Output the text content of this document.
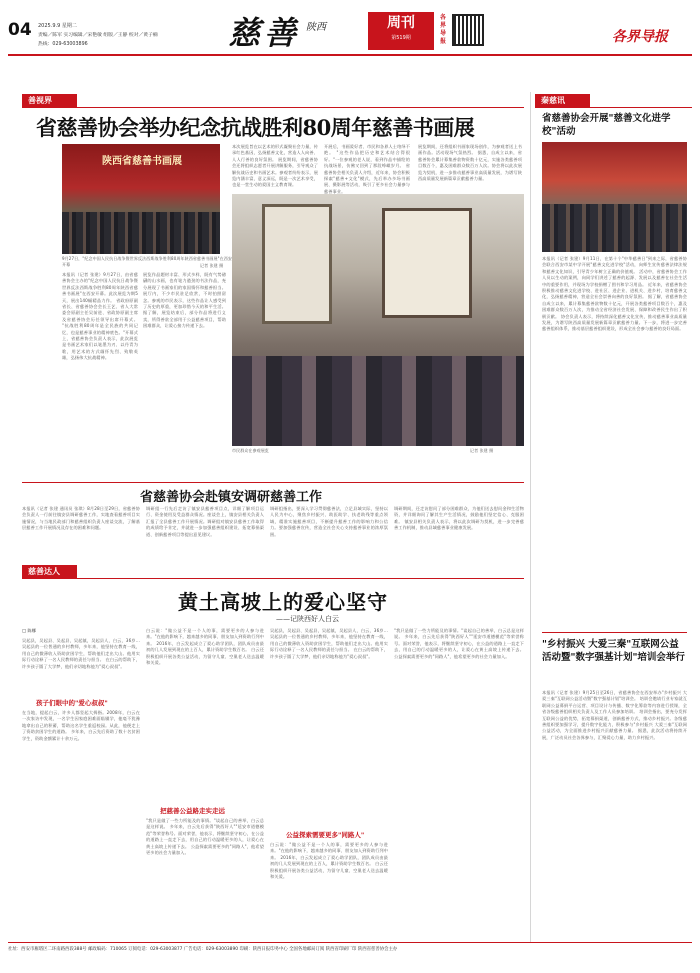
04 2025.9.9 星期二
责编／陈军 实习编辑／宋艳敏 组版／王静 校对／黄子楠
热线：029-63003896	慈善 陕西	周刊
第519期
各界导报	各界导报
善视界
省慈善协会举办纪念抗战胜利80周年慈善书画展
陕西省慈善书画展
9月27日，"纪念中国人民抗日战争暨世界反法西斯战争胜利80周年陕西省慈善书画展"在西安开幕	记者 张建 摄
本报讯（记者 张建）9月27日，由省慈善协会主办的"纪念中国人民抗日战争暨世界反法西斯战争胜利80周年陕西省慈善书画展"在西安开幕。此次展览为期5天，展出140幅精品力作。 省政府原副省长、省慈善协会会长王艺、省人大常委会原副主任吴前进、省政协原副主席及省慈善协会历任领导出席开幕式。 "抗战胜利80周年是全民族的共同记忆，也是慈善事业的精神底色。"开幕式上，省慈善协会负责人表示，此次展览是书画艺术家们以笔墨为刃、以丹青为歌，用艺术的方式缅怀先烈、致敬英雄，弘扬伟大抗战精神。
展览作品题材丰富、形式多样，既有气势磅礴的山水画，也有笔力遒劲的书法作品，充分展现了书画家们的家国情怀和慈善担当。展厅内，不少市民驻足欣赏，不时拍照留念。参观的市民表示，这些作品让人感受到了历史的厚重，更加珍惜今天的和平生活。 据了解，展览结束后，部分作品将进行义卖，所得善款全部用于公益慈善项目，帮助困难群众，让爱心接力传递下去。
本次展览旨在以艺术的形式凝聚社会力量，传承红色基因，弘扬慈善文化，营造人人向善、人人行善的良好氛围。 展览期间，省慈善协会还将组织志愿者开展讲解服务，引导观众了解抗战历史和书画艺术。参观者纷纷表示，展览内涵丰富，意义深远，既是一次艺术享受，也是一堂生动的爱国主义教育课。
开展后，书画爱好者、市民和各界人士络绎不绝。 "这些作品把历史和艺术结合得很好。"一位参观的老人说，看到作品中描绘的抗战场景，仿佛又回到了那段峥嵘岁月。 省慈善协会相关负责人介绍，近年来，协会积极探索"慈善+文化"模式，先后举办多场书画展、摄影展等活动，吸引了更多社会力量参与慈善事业。
展览期间，还将组织书画家现场创作，为参观者送上书画作品。活动现场气氛热烈。 据悉，自成立以来，省慈善协会累计募集善款物资数十亿元，实施各类慈善项目数百个，惠及困难群众数百万人次。协会将以此次展览为契机，进一步推动慈善事业高质量发展，为谱写陕西高质量发展新篇章贡献慈善力量。
市民群众在参观展览	记者 张建 摄
省慈善协会赴镇安调研慈善工作
本报讯（记者 张建 通讯员 张琪）8月28日至29日，省慈善协会负责人一行前往镇安县调研慈善工作，实地查看慈善项目实施情况，与当地民政部门和慈善组织负责人座谈交流，了解基层慈善工作开展情况及存在的困难和问题。
调研组一行先后走访了镇安县慈善项目点，详细了解项目运行、资金使用及受益群众情况。座谈会上，镇安县相关负责人汇报了全县慈善工作开展情况。调研组对镇安县慈善工作取得的成绩给予肯定，并就进一步加强慈善组织建设、拓宽募捐渠道、创新慈善项目等提出意见建议。
调研组指出，要深入学习贯彻慈善法，立足县域实际，坚持以人民为中心，聚焦乡村振兴、助医助学、扶老助残等重点领域，精准实施慈善项目，不断提升慈善工作的影响力和公信力。要加强慈善宣传，营造全社会关心支持慈善事业的浓厚氛围。
调研期间，还走访慰问了部分困难群众，为他们送去慰问金和生活物资，并详细询问了解其生产生活情况，鼓励他们坚定信心、克服困难。 镇安县相关负责人表示，将以此次调研为契机，进一步完善慈善工作机制，推动县域慈善事业健康发展。
慈善达人
黄土高坡上的爱心坚守
——记陕西好人白云
□ 陈娜
吴起县，吴起县、吴起县，吴起镇，吴起县人，白云，36岁…吴起县的一位普通的乡村教师，多年来，他坚持在教育一线，用自己的微薄收入资助贫困学生，帮助他们走出大山。他用实际行动诠释了一名人民教师的责任与担当。 在白云的帮助下，许多孩子圆了大学梦，他们亲切地称他为"爱心叔叔"。
孩子们眼中的"爱心叔叔"
在当地，提起白云，许多人都竖起大拇指。2008年，白云在一次家访中发现，一名学生因家庭困难面临辍学，他毫不犹豫地拿出自己的积蓄，帮助这名学生重返校园。从此，他便走上了资助贫困学生的道路。 多年来，白云先后资助了数十名贫困学生，资助金额累计十余万元。
白云说："做公益不是一个人的事，需要更多的人参与进来。"在他的影响下，越来越多的同事、朋友加入到资助行列中来。 2016年，白云发起成立了爱心助学团队，团队成员由最初的几人发展到现在的上百人，累计资助学生数百名。 白云还积极组织开展各类公益活动，为留守儿童、空巢老人送去温暖和关爱。
把慈善公益路走实走远
"我只是做了一些力所能及的事情。"谈起自己的善举，白云总是这样说。 多年来，白云先后获得"陕西好人""延安市道德模范"等荣誉称号。面对荣誉，他表示，将继续坚守初心，在公益的道路上一直走下去，用自己的行动温暖更多的人，让爱心在黄土高坡上传递下去。 公益探索需要更多的"同路人"，他希望更多的社会力量加入。
吴起县，吴起县、吴起县，吴起镇，吴起县人，白云，36岁…吴起县的一位普通的乡村教师，多年来，他坚持在教育一线，用自己的微薄收入资助贫困学生，帮助他们走出大山。他用实际行动诠释了一名人民教师的责任与担当。 在白云的帮助下，许多孩子圆了大学梦，他们亲切地称他为"爱心叔叔"。
公益探索需要更多"同路人"
白云说："做公益不是一个人的事，需要更多的人参与进来。"在他的影响下，越来越多的同事、朋友加入到资助行列中来。 2016年，白云发起成立了爱心助学团队，团队成员由最初的几人发展到现在的上百人，累计资助学生数百名。 白云还积极组织开展各类公益活动，为留守儿童、空巢老人送去温暖和关爱。
"我只是做了一些力所能及的事情。"谈起自己的善举，白云总是这样说。 多年来，白云先后获得"陕西好人""延安市道德模范"等荣誉称号。面对荣誉，他表示，将继续坚守初心，在公益的道路上一直走下去，用自己的行动温暖更多的人，让爱心在黄土高坡上传递下去。 公益探索需要更多的"同路人"，他希望更多的社会力量加入。
秦慈讯
省慈善协会开展"慈善文化进学校"活动
本报讯（记者 张建）9月11日，在第十个"中华慈善日"到来之际，省慈善协会联合西安市某中学开展"慈善文化进学校"活动，向师生宣传慈善法律法规和慈善文化知识，引导青少年树立正确的价值观。 活动中，省慈善协会工作人员以生动的案例，向同学们讲述了慈善的起源、发展以及慈善在社会生活中的重要作用，并现场为学校捐赠了图书和学习用品。 近年来，省慈善协会积极推动慈善文化进学校、进社区、进企业、进机关、进乡村，培育慈善文化，弘扬慈善精神，营造全社会崇善向善的良好氛围。 据了解，省慈善协会自成立以来，累计募集慈善款物数十亿元，开展各类慈善项目数百个，惠及困难群众数百万人次，为推动全省经济社会发展、保障和改善民生作出了积极贡献。 协会负责人表示，将持续深化慈善文化宣传，推动慈善事业高质量发展，为谱写陕西高质量发展新篇章贡献慈善力量。下一步，将进一步完善慈善组织体系，推动基层慈善组织建设，形成全社会参与慈善的良好局面。
"乡村振兴 大爱三秦"互联网公益活动暨"数字强基计划"培训会举行
本报讯（记者 张建）9月25日至26日，省慈善协会在西安举办"乡村振兴 大爱三秦"互联网公益活动暨"数字强基计划"培训会。 培训会邀请行业专家就互联网公益募捐平台运营、项目设计与传播、数字化筹款等内容进行授课，全省各级慈善组织相关负责人及工作人员参加培训。 培训会指出，要充分发挥互联网公益的优势，拓宽募捐渠道，创新慈善方式，推动乡村振兴。各级慈善组织要加强学习，提升数字化能力，积极参与"乡村振兴 大爱三秦"互联网公益活动，为全面推进乡村振兴贡献慈善力量。 据悉，此次活动将持续开展，广泛动员社会各界参与，汇聚爱心力量，助力乡村振兴。
社址：西安市雁塔区二环南路西段388号 邮政编码：710065 订阅电话：029-63003877 广告电话：029-63003890 印刷：陕西日报印务中心 全国各地邮局订阅 陕西省印刷厂印 陕西省慈善协会主办
